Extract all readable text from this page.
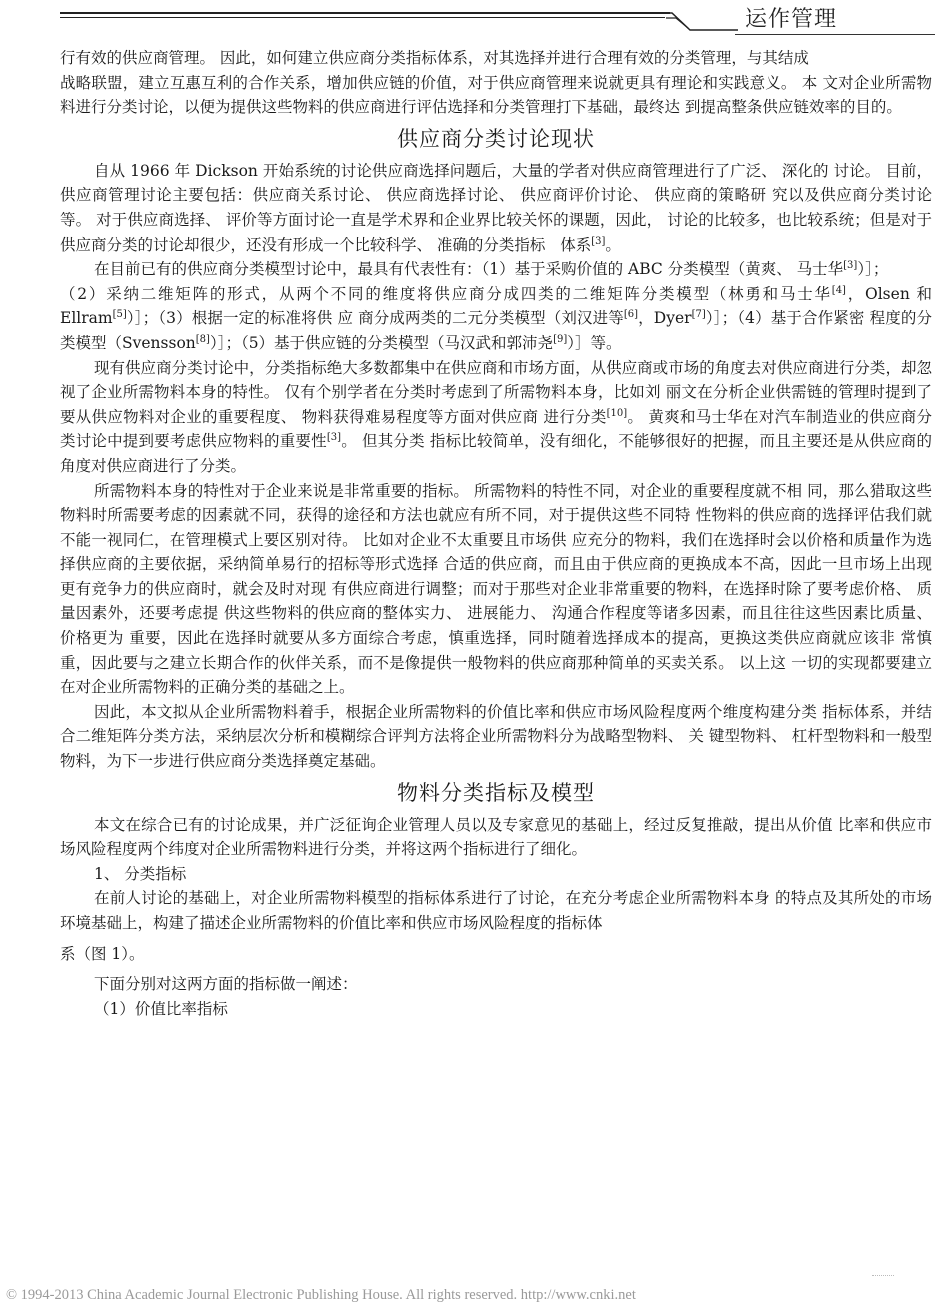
运作管理

行有效的供应商管理。 因此，如何建立供应商分类指标体系，对其选择并进行合理有效的分类管理，与其结成

战略联盟，建立互惠互利的合作关系，增加供应链的价值，对于供应商管理来说就更具有理论和实践意义。 本 文对企业所需物料进行分类讨论，以便为提供这些物料的供应商进行评估选择和分类管理打下基础，最终达 到提高整条供应链效率的目的。

供应商分类讨论现状

自从 1966 年 Dickson 开始系统的讨论供应商选择问题后，大量的学者对供应商管理进行了广泛、 深化的 讨论。 目前，供应商管理讨论主要包括：供应商关系讨论、 供应商选择讨论、 供应商评价讨论、 供应商的策略研 究以及供应商分类讨论等。 对于供应商选择、 评价等方面讨论一直是学术界和企业界比较关怀的课题，因此， 讨论的比较多，也比较系统；但是对于供应商分类的讨论却很少，还没有形成一个比较科学、 准确的分类指标 体系[3]。

在目前已有的供应商分类模型讨论中，最具有代表性有：（1）基于采购价值的 ABC 分类模型（黄爽、 马士华[3]）］；

（2）采纳二维矩阵的形式，从两个不同的维度将供应商分成四类的二维矩阵分类模型（林勇和马士华[4]，Olsen 和 Ellram[5]）］；（3）根据一定的标准将供 应 商分成两类的二元分类模型（刘汉进等[6]，Dyer[7]）］；（4）基于合作紧密 程度的分类模型（Svensson[8]）］；（5）基于供应链的分类模型（马汉武和郭沛尧[9]）］等。

现有供应商分类讨论中，分类指标绝大多数都集中在供应商和市场方面，从供应商或市场的角度去对供应商进行分类，却忽视了企业所需物料本身的特性。 仅有个别学者在分类时考虑到了所需物料本身，比如刘 丽文在分析企业供需链的管理时提到了要从供应物料对企业的重要程度、 物料获得难易程度等方面对供应商 进行分类[10]。 黄爽和马士华在对汽车制造业的供应商分类讨论中提到要考虑供应物料的重要性[3]。 但其分类 指标比较简单，没有细化，不能够很好的把握，而且主要还是从供应商的角度对供应商进行了分类。

所需物料本身的特性对于企业来说是非常重要的指标。 所需物料的特性不同，对企业的重要程度就不相 同，那么猎取这些物料时所需要考虑的因素就不同，获得的途径和方法也就应有所不同，对于提供这些不同特 性物料的供应商的选择评估我们就不能一视同仁，在管理模式上要区别对待。 比如对企业不太重要且市场供 应充分的物料，我们在选择时会以价格和质量作为选择供应商的主要依据，采纳简单易行的招标等形式选择 合适的供应商，而且由于供应商的更换成本不高，因此一旦市场上出现更有竞争力的供应商时，就会及时对现 有供应商进行调整；而对于那些对企业非常重要的物料，在选择时除了要考虑价格、 质量因素外，还要考虑提 供这些物料的供应商的整体实力、 进展能力、 沟通合作程度等诸多因素，而且往往这些因素比质量、 价格更为 重要，因此在选择时就要从多方面综合考虑，慎重选择，同时随着选择成本的提高，更换这类供应商就应该非 常慎重，因此要与之建立长期合作的伙伴关系，而不是像提供一般物料的供应商那种简单的买卖关系。 以上这 一切的实现都要建立在对企业所需物料的正确分类的基础之上。

因此，本文拟从企业所需物料着手，根据企业所需物料的价值比率和供应市场风险程度两个维度构建分类 指标体系，并结合二维矩阵分类方法，采纳层次分析和模糊综合评判方法将企业所需物料分为战略型物料、 关 键型物料、 杠杆型物料和一般型物料，为下一步进行供应商分类选择奠定基础。

物料分类指标及模型

本文在综合已有的讨论成果，并广泛征询企业管理人员以及专家意见的基础上，经过反复推敲，提出从价值 比率和供应市场风险程度两个纬度对企业所需物料进行分类，并将这两个指标进行了细化。

1、 分类指标

在前人讨论的基础上，对企业所需物料模型的指标体系进行了讨论，在充分考虑企业所需物料本身 的特点及其所处的市场环境基础上，构建了描述企业所需物料的价值比率和供应市场风险程度的指标体

系（图 1）。

下面分别对这两方面的指标做一阐述：

（1）价值比率指标

© 1994-2013 China Academic Journal Electronic Publishing House. All rights reserved. http://www.cnki.net
